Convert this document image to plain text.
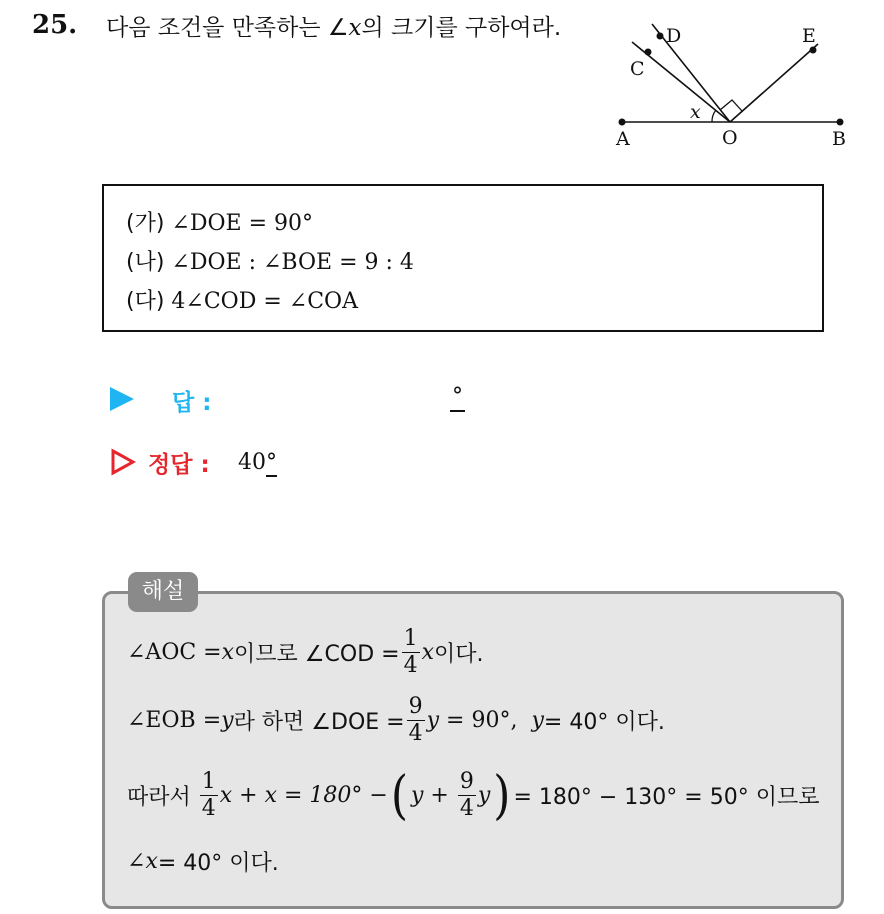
25. 다음 조건을 만족하는 ∠x의 크기를 구하여라.
A	O	B
C
D	E
x
(가) ∠DOE = 90°
(나) ∠DOE : ∠BOE = 9 : 4
(다) 4∠COD = ∠COA
답 :	°
정답 : 40°
∠AOC = x 이므로 ∠COD = $\frac{1}{4}$ x 이다.
∠EOB = y 라 하면 ∠DOE = $\frac{9}{4}$ y = 90°, y = 40° 이다.
따라서 $\frac{1}{4}$ x + x = 180° − ( $y + \frac{9}{4}$ y ) = 180° − 130° = 50° 이므로
∠ x = 40° 이다.
해설
